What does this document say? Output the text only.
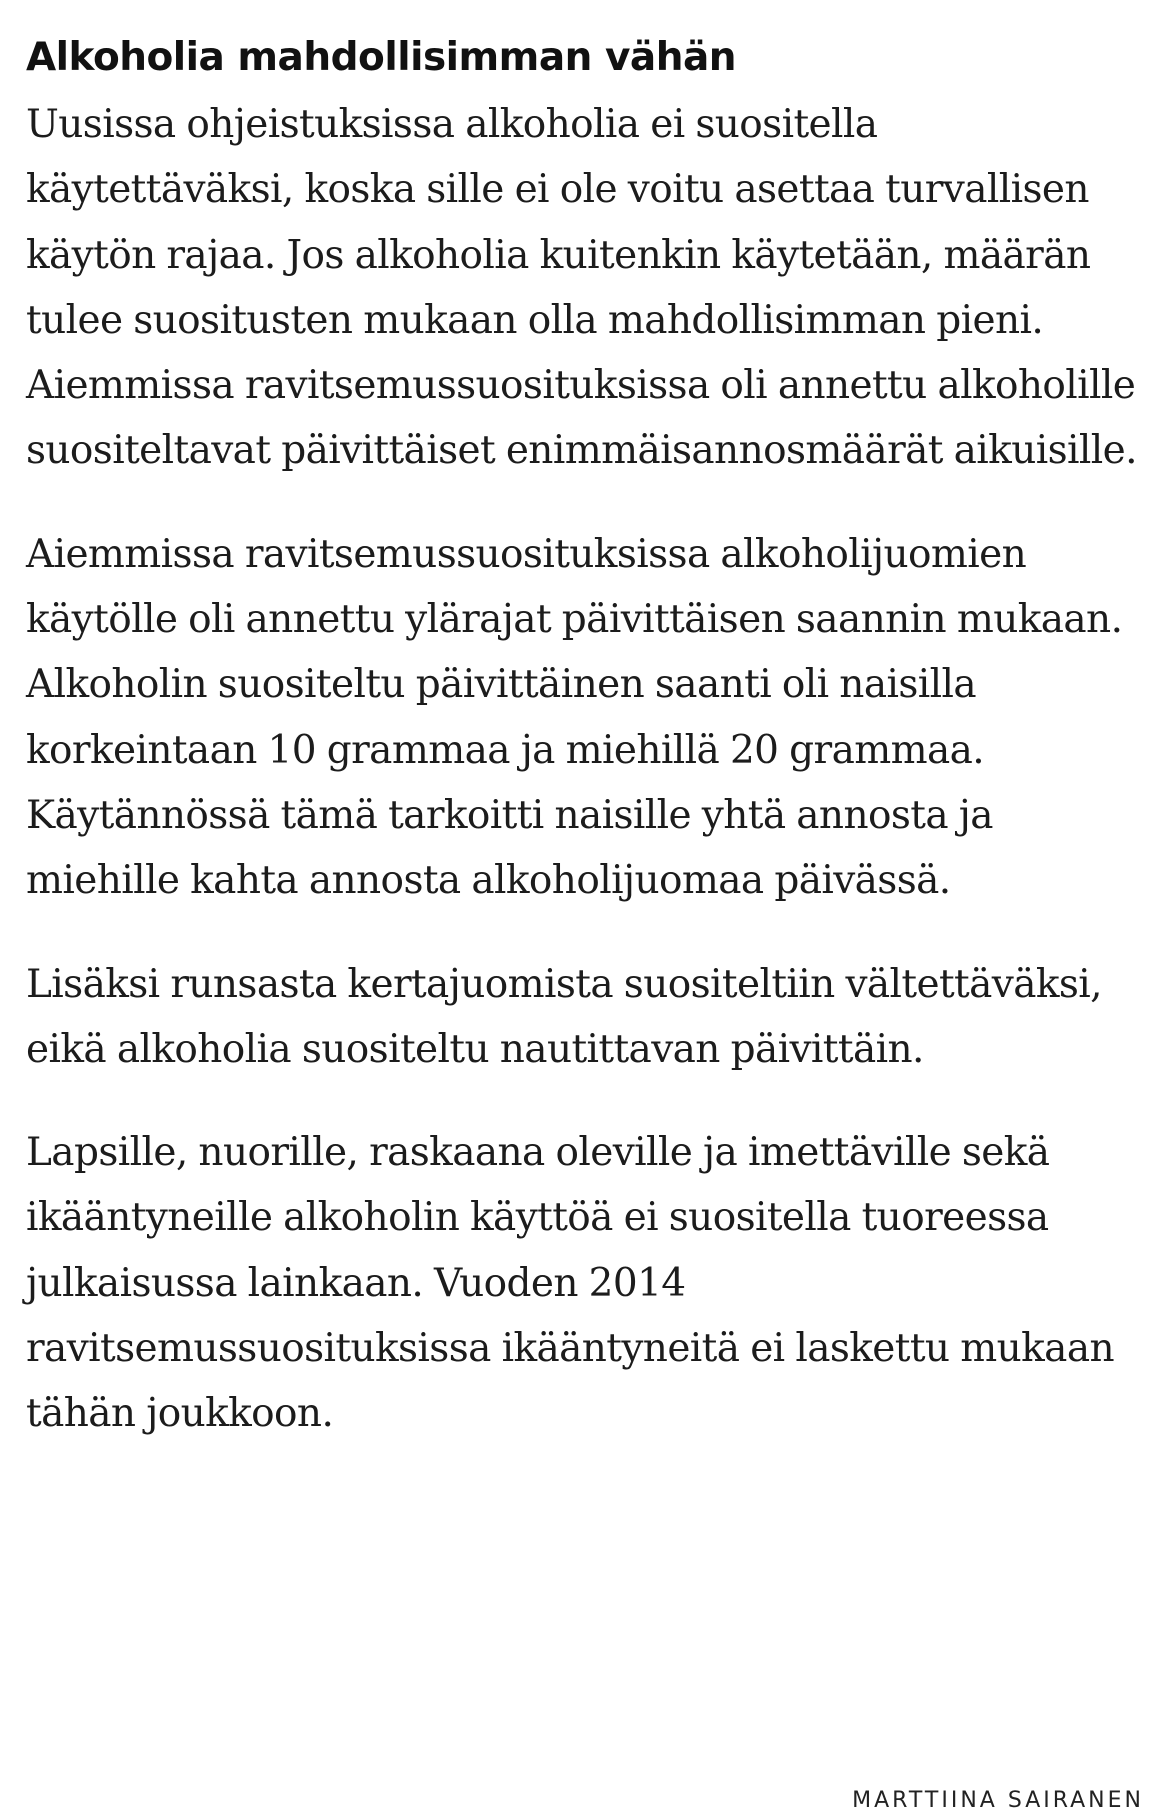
Alkoholia mahdollisimman vähän

Uusissa ohjeistuksissa alkoholia ei suositella käytettäväksi, koska sille ei ole voitu asettaa turvallisen käytön rajaa. Jos alkoholia kuitenkin käytetään, määrän tulee suositusten mukaan olla mahdollisimman pieni. Aiemmissa ravitsemussuosituksissa oli annettu alkoholille suositeltavat päivittäiset enimmäisannosmäärät aikuisille.

Aiemmissa ravitsemussuosituksissa alkoholijuomien käytölle oli annettu ylärajat päivittäisen saannin mukaan. Alkoholin suositeltu päivittäinen saanti oli naisilla korkeintaan 10 grammaa ja miehillä 20 grammaa. Käytännössä tämä tarkoitti naisille yhtä annosta ja miehille kahta annosta alkoholijuomaa päivässä.

Lisäksi runsasta kertajuomista suositeltiin vältettäväksi, eikä alkoholia suositeltu nautittavan päivittäin.

Lapsille, nuorille, raskaana oleville ja imettäville sekä ikääntyneille alkoholin käyttöä ei suositella tuoreessa julkaisussa lainkaan. Vuoden 2014 ravitsemussuosituksissa ikääntyneitä ei laskettu mukaan tähän joukkoon.

MARTTIINA SAIRANEN
